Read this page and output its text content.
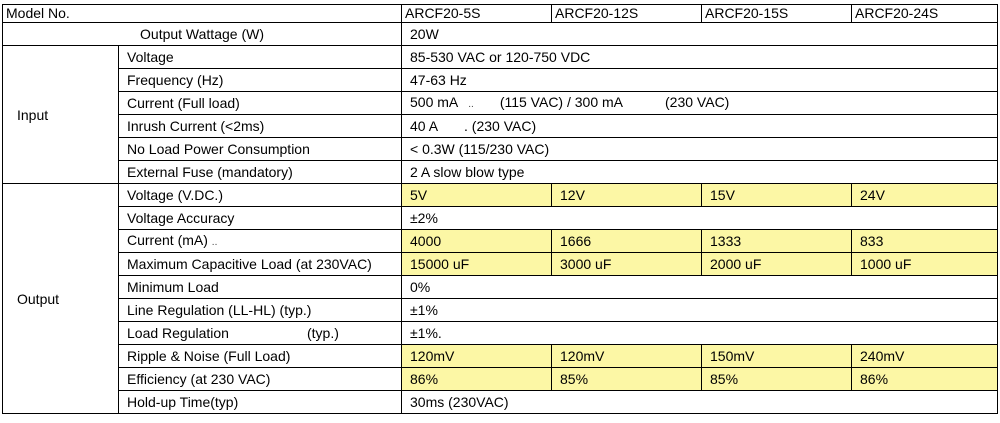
Model No.		ARCF20-5S	ARCF20-12S	ARCF20-15S	ARCF20-24S
Output Wattage (W)		20W			
Input	Voltage	85-530 VAC or 120-750 VDC			
	Frequency (Hz)	47-63 Hz			
	Current (Full load)	500 mA .. (115 VAC) / 300 mA (230 VAC)			
	Inrush Current (<2ms)	40 A . (230 VAC)			
	No Load Power Consumption	< 0.3W (115/230 VAC)			
	External Fuse (mandatory)	2 A slow blow type			
Output	Voltage (V.DC.)	5V	12V	15V	24V
	Voltage Accuracy	±2%			
	Current (mA) ..	4000	1666	1333	833
	Maximum Capacitive Load (at 230VAC)	15000 uF	3000 uF	2000 uF	1000 uF
	Minimum Load	0%			
	Line Regulation (LL-HL) (typ.)	±1%			
	Load Regulation (typ.)	±1%.			
	Ripple & Noise (Full Load)	120mV	120mV	150mV	240mV
	Efficiency (at 230 VAC)	86%	85%	85%	86%
	Hold-up Time(typ)	30ms (230VAC)			
